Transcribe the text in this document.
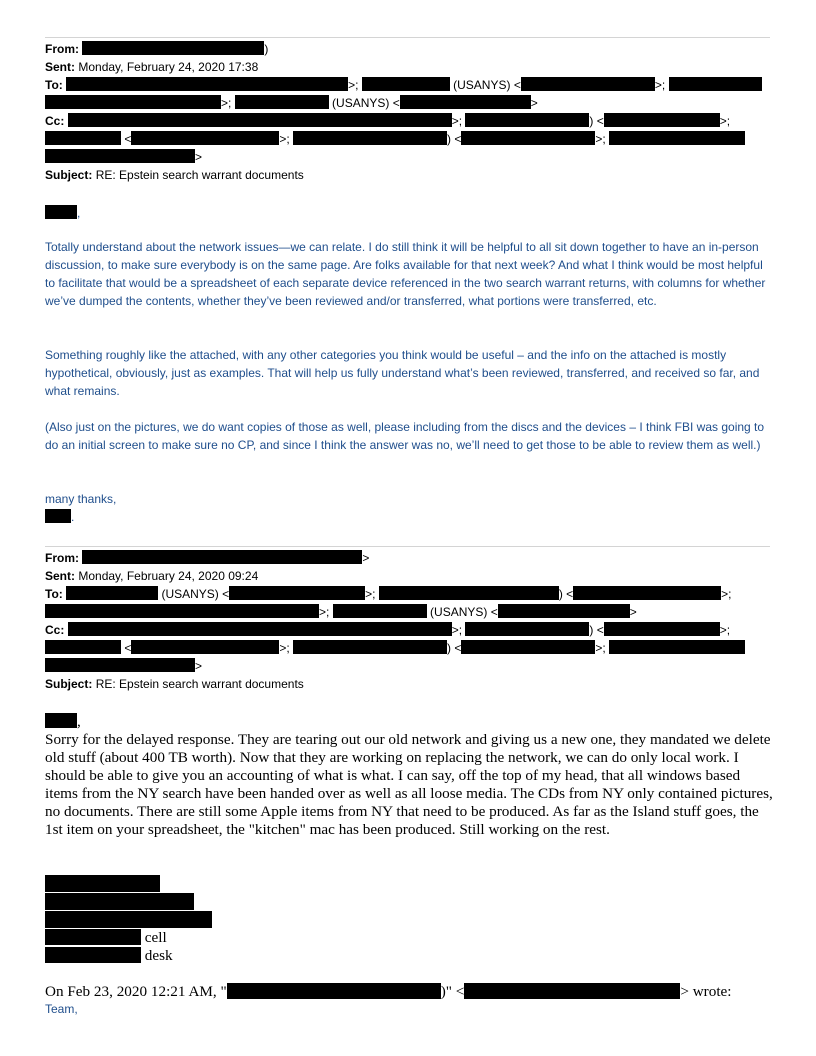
From:	)
Sent: Monday, February 24, 2020 17:38
To:	>;	(USANYS) <	>;
>;	(USANYS) <	>
Cc:	>;	) <	>;
<	>;	) <	>;
>
Subject: RE: Epstein search warrant documents
,
Totally understand about the network issues—we can relate. I do still think it will be helpful to all sit down together to have an in-person discussion, to make sure everybody is on the same page. Are folks available for that next week? And what I think would be most helpful to facilitate that would be a spreadsheet of each separate device referenced in the two search warrant returns, with columns for whether we’ve dumped the contents, whether they’ve been reviewed and/or transferred, what portions were transferred, etc.
Something roughly like the attached, with any other categories you think would be useful – and the info on the attached is mostly hypothetical, obviously, just as examples. That will help us fully understand what’s been reviewed, transferred, and received so far, and what remains.
(Also just on the pictures, we do want copies of those as well, please including from the discs and the devices – I think FBI was going to do an initial screen to make sure no CP, and since I think the answer was no, we’ll need to get those to be able to review them as well.)
many thanks,
.
From:	>
Sent: Monday, February 24, 2020 09:24
To:	(USANYS) <	>;	) <	>;
>;	(USANYS) <	>
Cc:	>;	) <	>;
<	>;	) <	>;
>
Subject: RE: Epstein search warrant documents
,
Sorry for the delayed response. They are tearing out our old network and giving us a new one, they mandated we delete old stuff (about 400 TB worth). Now that they are working on replacing the network, we can do only local work. I should be able to give you an accounting of what is what. I can say, off the top of my head, that all windows based items from the NY search have been handed over as well as all loose media. The CDs from NY only contained pictures, no documents. There are still some Apple items from NY that need to be produced. As far as the Island stuff goes, the 1st item on your spreadsheet, the "kitchen" mac has been produced. Still working on the rest.
cell
desk
On Feb 23, 2020 12:21 AM, "	)" <	> wrote:
Team,
